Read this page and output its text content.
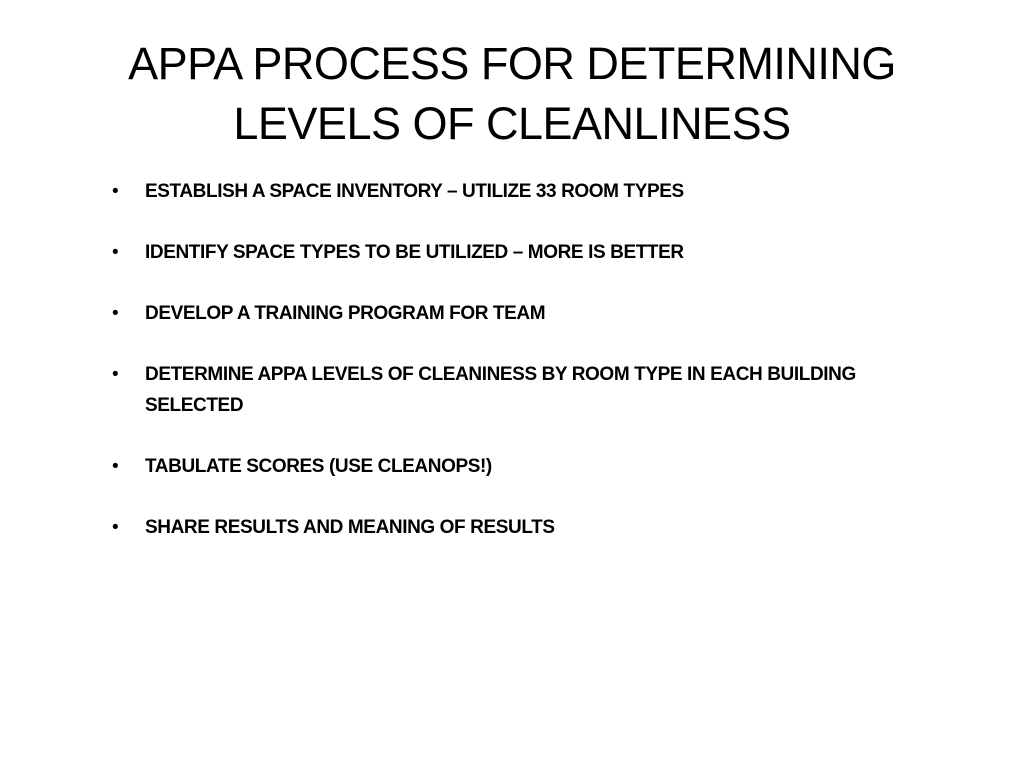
APPA PROCESS FOR DETERMINING
LEVELS OF CLEANLINESS
• ESTABLISH A SPACE INVENTORY – UTILIZE 33 ROOM TYPES
• IDENTIFY SPACE TYPES TO BE UTILIZED – MORE IS BETTER
• DEVELOP A TRAINING PROGRAM FOR TEAM
• DETERMINE APPA LEVELS OF CLEANINESS BY ROOM TYPE IN EACH BUILDING SELECTED
• TABULATE SCORES (USE CLEANOPS!)
• SHARE RESULTS AND MEANING OF RESULTS
